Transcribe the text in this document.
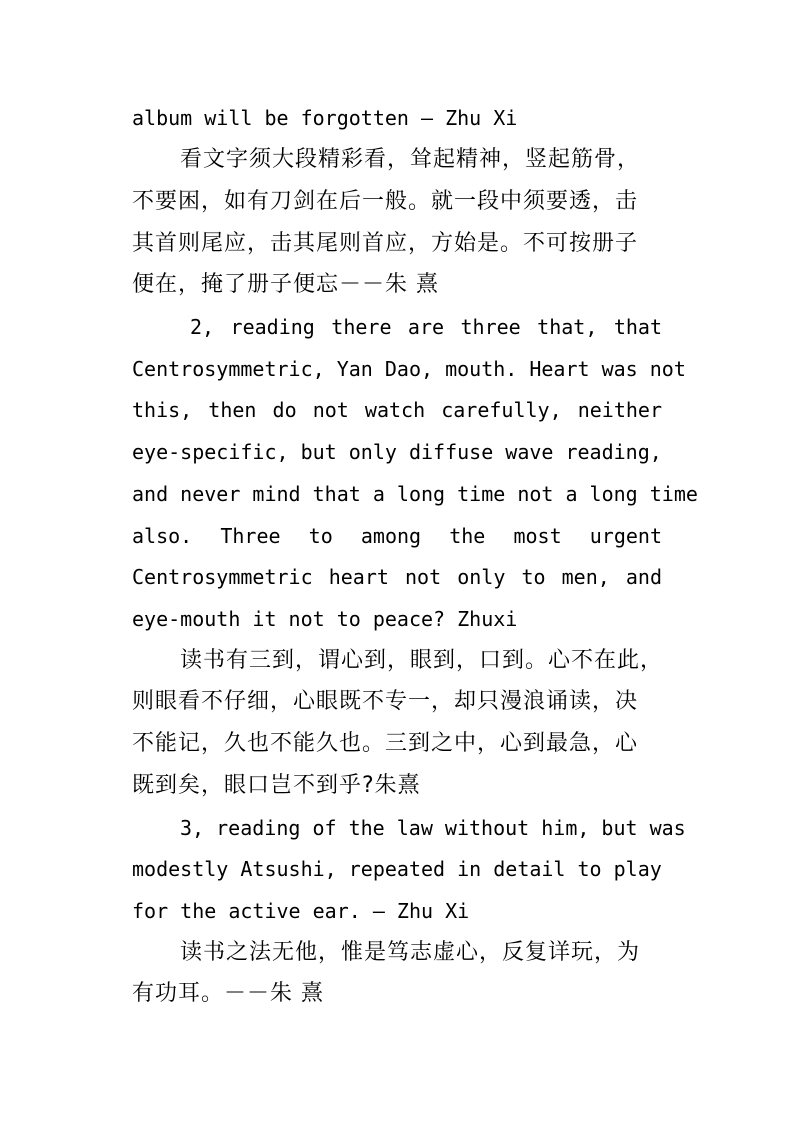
album will be forgotten – Zhu Xi
看文字须大段精彩看，耸起精神，竖起筋骨，
不要困，如有刀剑在后一般。就一段中须要透，击
其首则尾应，击其尾则首应，方始是。不可按册子
便在，掩了册子便忘－－朱 熹
2, reading there are three that, that
Centrosymmetric, Yan Dao, mouth. Heart was not
this, then do not watch carefully, neither
eye-specific, but only diffuse wave reading,
and never mind that a long time not a long time
also. Three to among the most urgent
Centrosymmetric heart not only to men, and
eye-mouth it not to peace? Zhuxi
读书有三到，谓心到，眼到，口到。心不在此，
则眼看不仔细，心眼既不专一，却只漫浪诵读，决
不能记，久也不能久也。三到之中，心到最急，心
既到矣，眼口岂不到乎?朱熹
3, reading of the law without him, but was
modestly Atsushi, repeated in detail to play
for the active ear. – Zhu Xi
读书之法无他，惟是笃志虚心，反复详玩，为
有功耳。－－朱 熹
